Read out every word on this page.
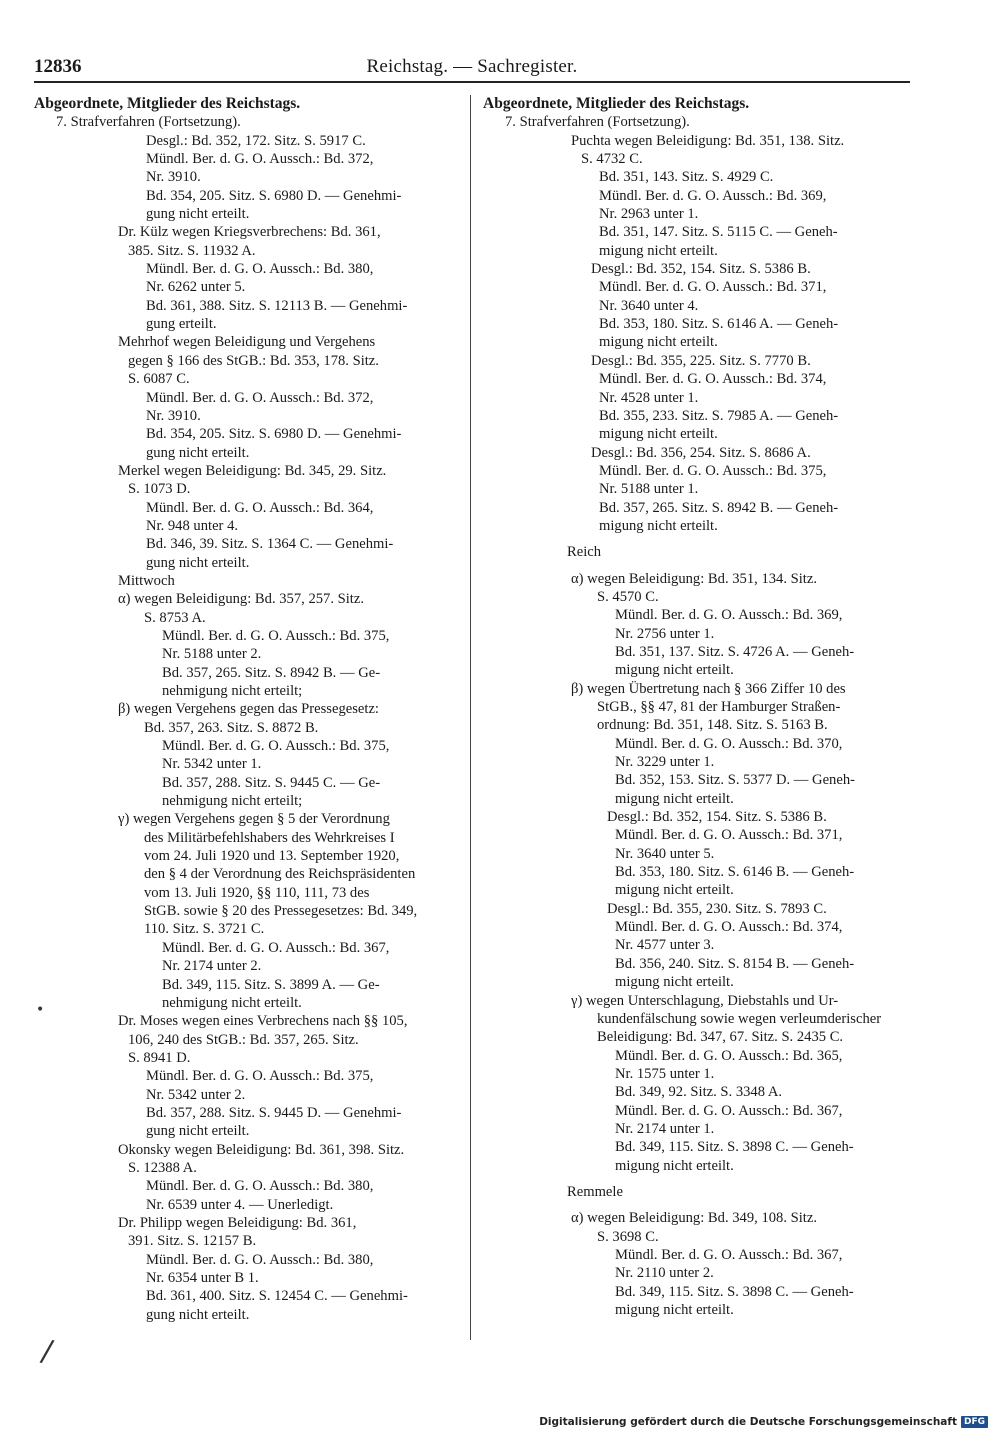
12836	Reichstag. — Sachregister.
Abgeordnete, Mitglieder des Reichstags.
7. Strafverfahren (Fortsetzung).
Desgl.: Bd. 352, 172. Sitz. S. 5917 C.
Mündl. Ber. d. G. O. Aussch.: Bd. 372,
Nr. 3910.
Bd. 354, 205. Sitz. S. 6980 D. — Genehmi-
gung nicht erteilt.
Dr. Külz wegen Kriegsverbrechens: Bd. 361,
385. Sitz. S. 11932 A.
Mündl. Ber. d. G. O. Aussch.: Bd. 380,
Nr. 6262 unter 5.
Bd. 361, 388. Sitz. S. 12113 B. — Genehmi-
gung erteilt.
Mehrhof wegen Beleidigung und Vergehens
gegen § 166 des StGB.: Bd. 353, 178. Sitz.
S. 6087 C.
Mündl. Ber. d. G. O. Aussch.: Bd. 372,
Nr. 3910.
Bd. 354, 205. Sitz. S. 6980 D. — Genehmi-
gung nicht erteilt.
Merkel wegen Beleidigung: Bd. 345, 29. Sitz.
S. 1073 D.
Mündl. Ber. d. G. O. Aussch.: Bd. 364,
Nr. 948 unter 4.
Bd. 346, 39. Sitz. S. 1364 C. — Genehmi-
gung nicht erteilt.
Mittwoch
α) wegen Beleidigung: Bd. 357, 257. Sitz.
S. 8753 A.
Mündl. Ber. d. G. O. Aussch.: Bd. 375,
Nr. 5188 unter 2.
Bd. 357, 265. Sitz. S. 8942 B. — Ge-
nehmigung nicht erteilt;
β) wegen Vergehens gegen das Pressegesetz:
Bd. 357, 263. Sitz. S. 8872 B.
Mündl. Ber. d. G. O. Aussch.: Bd. 375,
Nr. 5342 unter 1.
Bd. 357, 288. Sitz. S. 9445 C. — Ge-
nehmigung nicht erteilt;
γ) wegen Vergehens gegen § 5 der Verordnung
des Militärbefehlshabers des Wehrkreises I
vom 24. Juli 1920 und 13. September 1920,
den § 4 der Verordnung des Reichspräsidenten
vom 13. Juli 1920, §§ 110, 111, 73 des
StGB. sowie § 20 des Pressegesetzes: Bd. 349,
110. Sitz. S. 3721 C.
Mündl. Ber. d. G. O. Aussch.: Bd. 367,
Nr. 2174 unter 2.
Bd. 349, 115. Sitz. S. 3899 A. — Ge-
nehmigung nicht erteilt.
Dr. Moses wegen eines Verbrechens nach §§ 105,
106, 240 des StGB.: Bd. 357, 265. Sitz.
S. 8941 D.
Mündl. Ber. d. G. O. Aussch.: Bd. 375,
Nr. 5342 unter 2.
Bd. 357, 288. Sitz. S. 9445 D. — Genehmi-
gung nicht erteilt.
Okonsky wegen Beleidigung: Bd. 361, 398. Sitz.
S. 12388 A.
Mündl. Ber. d. G. O. Aussch.: Bd. 380,
Nr. 6539 unter 4. — Unerledigt.
Dr. Philipp wegen Beleidigung: Bd. 361,
391. Sitz. S. 12157 B.
Mündl. Ber. d. G. O. Aussch.: Bd. 380,
Nr. 6354 unter B 1.
Bd. 361, 400. Sitz. S. 12454 C. — Genehmi-
gung nicht erteilt.
Abgeordnete, Mitglieder des Reichstags.
7. Strafverfahren (Fortsetzung).
Puchta wegen Beleidigung: Bd. 351, 138. Sitz.
S. 4732 C.
Bd. 351, 143. Sitz. S. 4929 C.
Mündl. Ber. d. G. O. Aussch.: Bd. 369,
Nr. 2963 unter 1.
Bd. 351, 147. Sitz. S. 5115 C. — Geneh-
migung nicht erteilt.
Desgl.: Bd. 352, 154. Sitz. S. 5386 B.
Mündl. Ber. d. G. O. Aussch.: Bd. 371,
Nr. 3640 unter 4.
Bd. 353, 180. Sitz. S. 6146 A. — Geneh-
migung nicht erteilt.
Desgl.: Bd. 355, 225. Sitz. S. 7770 B.
Mündl. Ber. d. G. O. Aussch.: Bd. 374,
Nr. 4528 unter 1.
Bd. 355, 233. Sitz. S. 7985 A. — Geneh-
migung nicht erteilt.
Desgl.: Bd. 356, 254. Sitz. S. 8686 A.
Mündl. Ber. d. G. O. Aussch.: Bd. 375,
Nr. 5188 unter 1.
Bd. 357, 265. Sitz. S. 8942 B. — Geneh-
migung nicht erteilt.
Reich
α) wegen Beleidigung: Bd. 351, 134. Sitz.
S. 4570 C.
Mündl. Ber. d. G. O. Aussch.: Bd. 369,
Nr. 2756 unter 1.
Bd. 351, 137. Sitz. S. 4726 A. — Geneh-
migung nicht erteilt.
β) wegen Übertretung nach § 366 Ziffer 10 des
StGB., §§ 47, 81 der Hamburger Straßen-
ordnung: Bd. 351, 148. Sitz. S. 5163 B.
Mündl. Ber. d. G. O. Aussch.: Bd. 370,
Nr. 3229 unter 1.
Bd. 352, 153. Sitz. S. 5377 D. — Geneh-
migung nicht erteilt.
Desgl.: Bd. 352, 154. Sitz. S. 5386 B.
Mündl. Ber. d. G. O. Aussch.: Bd. 371,
Nr. 3640 unter 5.
Bd. 353, 180. Sitz. S. 6146 B. — Geneh-
migung nicht erteilt.
Desgl.: Bd. 355, 230. Sitz. S. 7893 C.
Mündl. Ber. d. G. O. Aussch.: Bd. 374,
Nr. 4577 unter 3.
Bd. 356, 240. Sitz. S. 8154 B. — Geneh-
migung nicht erteilt.
γ) wegen Unterschlagung, Diebstahls und Ur-
kundenfälschung sowie wegen verleumderischer
Beleidigung: Bd. 347, 67. Sitz. S. 2435 C.
Mündl. Ber. d. G. O. Aussch.: Bd. 365,
Nr. 1575 unter 1.
Bd. 349, 92. Sitz. S. 3348 A.
Mündl. Ber. d. G. O. Aussch.: Bd. 367,
Nr. 2174 unter 1.
Bd. 349, 115. Sitz. S. 3898 C. — Geneh-
migung nicht erteilt.
Remmele
α) wegen Beleidigung: Bd. 349, 108. Sitz.
S. 3698 C.
Mündl. Ber. d. G. O. Aussch.: Bd. 367,
Nr. 2110 unter 2.
Bd. 349, 115. Sitz. S. 3898 C. — Geneh-
migung nicht erteilt.
•
/
Digitalisierung gefördert durch die Deutsche Forschungsgemeinschaft DFG
